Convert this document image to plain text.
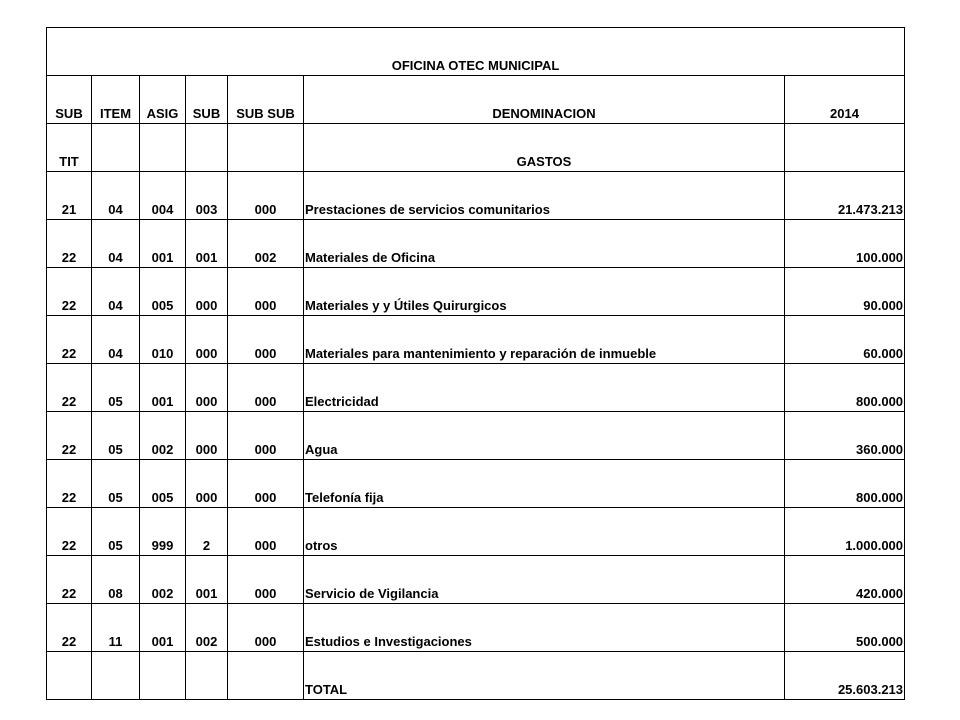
OFICINA OTEC MUNICIPAL						
SUB	ITEM	ASIG	SUB	SUB SUB	DENOMINACION	2014
TIT					GASTOS	
21	04	004	003	000	Prestaciones de servicios comunitarios	21.473.213
22	04	001	001	002	Materiales de Oficina	100.000
22	04	005	000	000	Materiales y y Útiles Quirurgicos	90.000
22	04	010	000	000	Materiales para mantenimiento y reparación de inmueble	60.000
22	05	001	000	000	Electricidad	800.000
22	05	002	000	000	Agua	360.000
22	05	005	000	000	Telefonía fija	800.000
22	05	999	2	000	otros	1.000.000
22	08	002	001	000	Servicio de Vigilancia	420.000
22	11	001	002	000	Estudios e Investigaciones	500.000
					TOTAL	25.603.213
